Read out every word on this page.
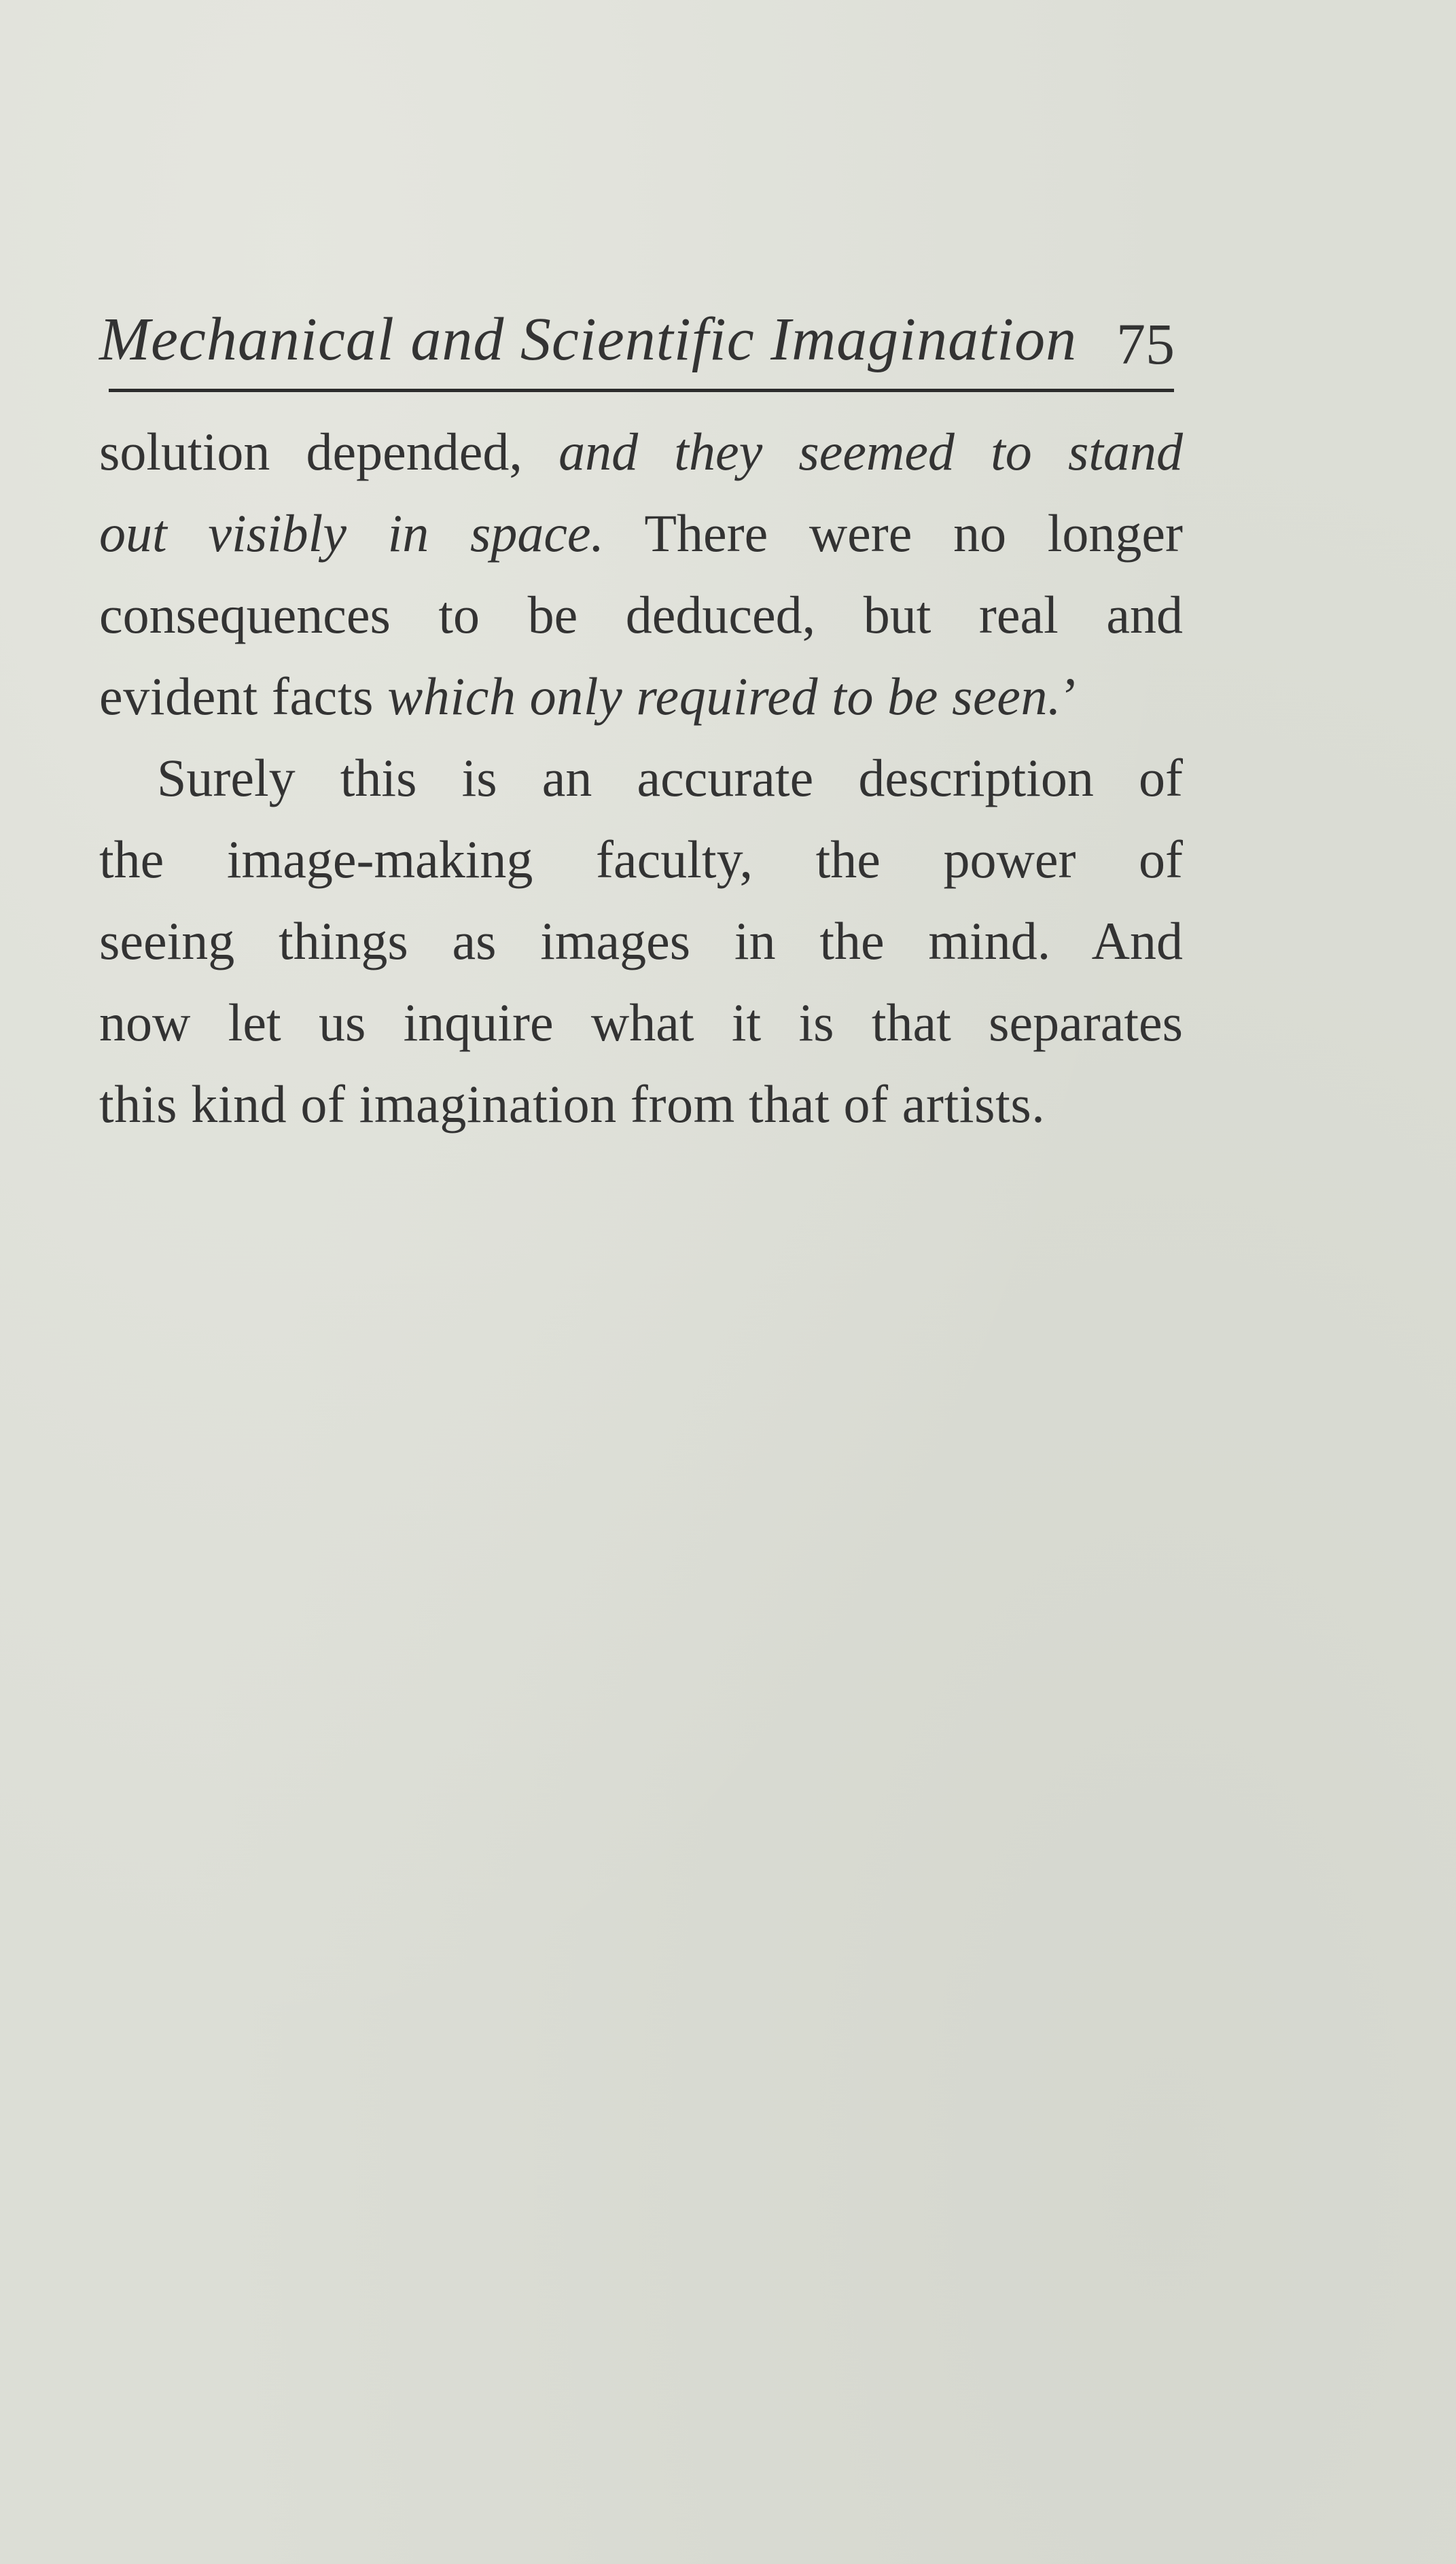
Mechanical and Scientific Imagination 75
solution depended, and they seemed to stand
out visibly in space. There were no longer
consequences to be deduced, but real and
evident facts which only required to be seen.’
Surely this is an accurate description of
the image-making faculty, the power of
seeing things as images in the mind. And
now let us inquire what it is that separates
this kind of imagination from that of artists.
